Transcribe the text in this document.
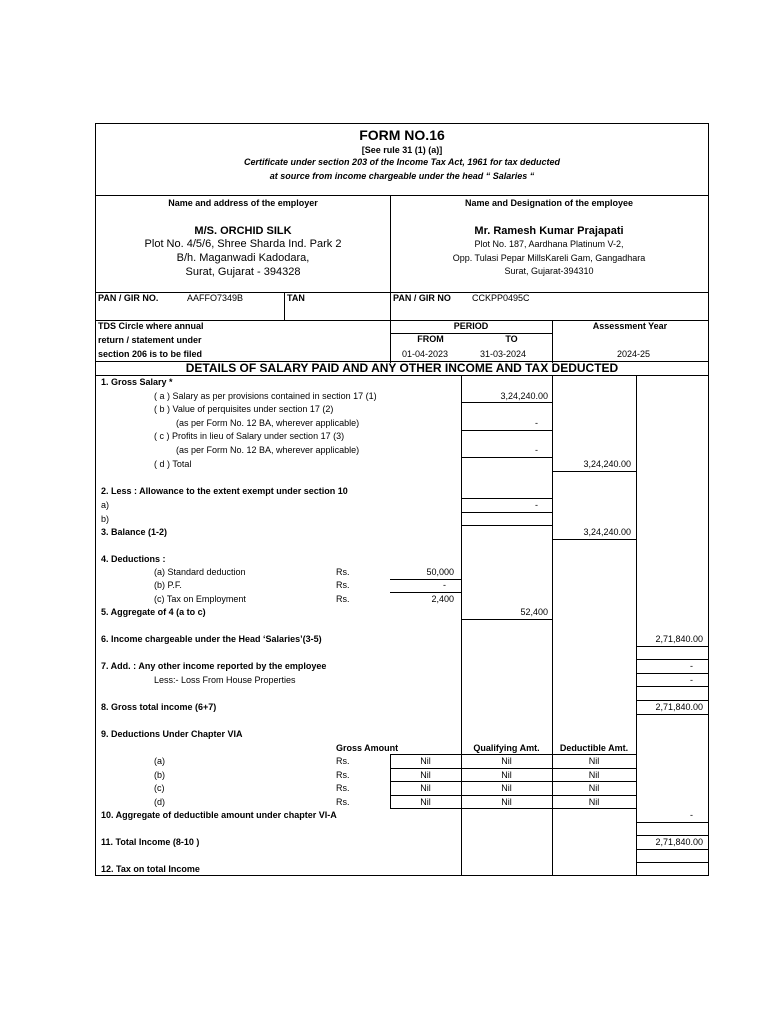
FORM NO.16
[See rule 31 (1) (a)]
Certificate under section 203 of the Income Tax Act, 1961 for tax deducted
at source from income chargeable under the head “ Salaries “
Name and address of the employer
M/S. ORCHID SILK
Plot No. 4/5/6, Shree Sharda Ind. Park 2
B/h. Maganwadi Kadodara,
Surat, Gujarat - 394328
Name and Designation of the employee
Mr. Ramesh Kumar Prajapati
Plot No. 187, Aardhana Platinum V-2,
Opp. Tulasi Pepar MillsKareli Gam, Gangadhara
Surat, Gujarat-394310
PAN / GIR NO.	AAFFO7349B	TAN	PAN / GIR NO CCKPP0495C
TDS Circle where annual
return / statement under
section 206 is to be filed
PERIOD
FROM	TO
01-04-2023	31-03-2024
Assessment Year
2024-25
DETAILS OF SALARY PAID AND ANY OTHER INCOME AND TAX DEDUCTED
1. Gross Salary *
( a ) Salary as per provisions contained in section 17 (1)	3,24,240.00
( b ) Value of perquisites under section 17 (2)
(as per Form No. 12 BA, wherever applicable)	-
( c ) Profits in lieu of Salary under section 17 (3)
(as per Form No. 12 BA, wherever applicable)	-
( d ) Total	3,24,240.00
2. Less : Allowance to the extent exempt under section 10
a)	-
b)
3. Balance (1-2)	3,24,240.00
4. Deductions :
(a) Standard deduction	Rs.	50,000
(b) P.F.	Rs.	-
(c) Tax on Employment	Rs.	2,400
5. Aggregate of 4 (a to c)	52,400
6. Income chargeable under the Head ‘Salaries’(3-5)	2,71,840.00
7. Add. : Any other income reported by the employee	-
Less:- Loss From House Properties	-
8. Gross total income (6+7)	2,71,840.00
9. Deductions Under Chapter VIA
Gross Amount	Qualifying Amt.	Deductible Amt.
(a)	Rs.	Nil	Nil	Nil
(b)	Rs.	Nil	Nil	Nil
(c)	Rs.	Nil	Nil	Nil
(d)	Rs.	Nil	Nil	Nil
10. Aggregate of deductible amount under chapter VI-A	-
11. Total Income (8-10 )	2,71,840.00
12. Tax on total Income
